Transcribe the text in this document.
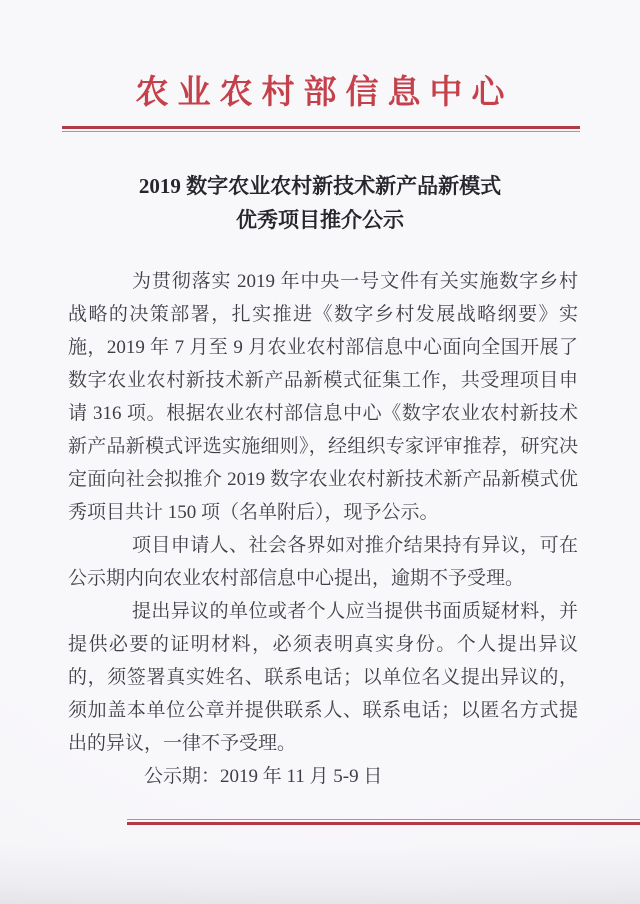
农业农村部信息中心
2019 数字农业农村新技术新产品新模式
优秀项目推介公示

为贯彻落实 2019 年中央一号文件有关实施数字乡村战略的决策部署，扎实推进《数字乡村发展战略纲要》实施，2019 年 7 月至 9 月农业农村部信息中心面向全国开展了数字农业农村新技术新产品新模式征集工作，共受理项目申请 316 项。根据农业农村部信息中心《数字农业农村新技术新产品新模式评选实施细则》，经组织专家评审推荐，研究决定面向社会拟推介 2019 数字农业农村新技术新产品新模式优秀项目共计 150 项（名单附后），现予公示。

项目申请人、社会各界如对推介结果持有异议，可在公示期内向农业农村部信息中心提出，逾期不予受理。

提出异议的单位或者个人应当提供书面质疑材料，并提供必要的证明材料，必须表明真实身份。个人提出异议的，须签署真实姓名、联系电话；以单位名义提出异议的，须加盖本单位公章并提供联系人、联系电话；以匿名方式提出的异议，一律不予受理。

公示期：2019 年 11 月 5-9 日
